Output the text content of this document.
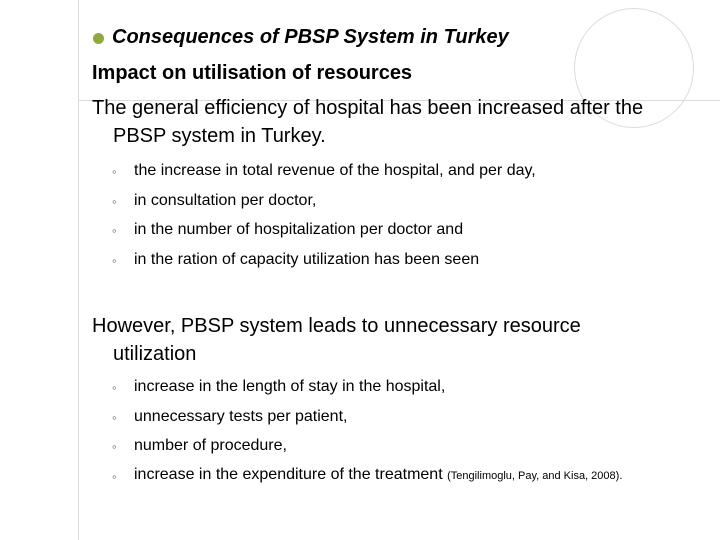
Consequences of PBSP System in Turkey

Impact on utilisation of resources

The general efficiency of hospital has been increased after the

PBSP system in Turkey.

◦ the increase in total revenue of the hospital, and per day,

◦ in consultation per doctor,

◦ in the number of hospitalization per doctor and

◦ in the ration of capacity utilization has been seen

However, PBSP system leads to unnecessary resource

utilization

◦ increase in the length of stay in the hospital,

◦ unnecessary tests per patient,

◦ number of procedure,

◦ increase in the expenditure of the treatment (Tengilimoglu, Pay, and Kisa, 2008).
